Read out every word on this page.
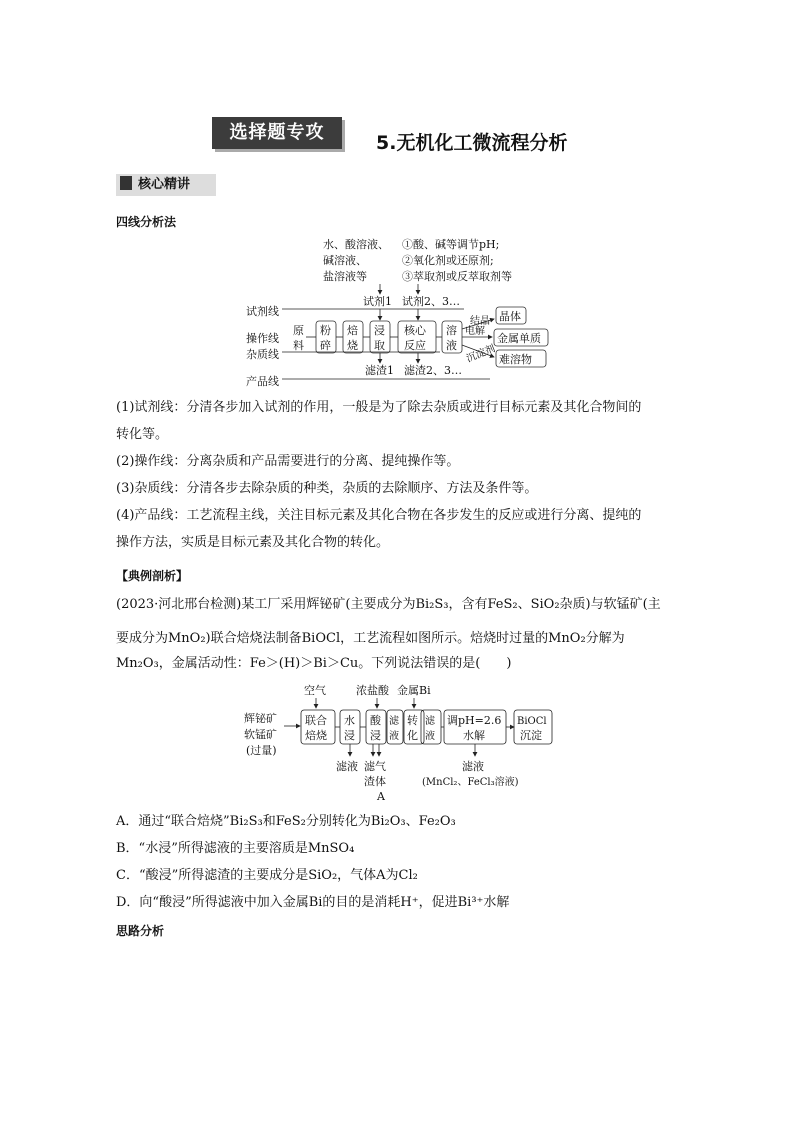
选择题专攻	5.无机化工微流程分析
核心精讲
四线分析法
水、酸溶液、
碱溶液、
盐溶液等
①酸、碱等调节pH;
②氧化剂或还原剂;
③萃取剂或反萃取剂等
试剂1 试剂2、3…
试剂线
操作线
杂质线
产品线
原
料
粉
碎
焙
烧
浸
取
核心
反应
溶
液
滤渣1 滤渣2、3…
结晶
电解
沉淀剂
晶体
金属单质
难溶物
(1)试剂线：分清各步加入试剂的作用，一般是为了除去杂质或进行目标元素及其化合物间的
转化等。
(2)操作线：分离杂质和产品需要进行的分离、提纯操作等。
(3)杂质线：分清各步去除杂质的种类，杂质的去除顺序、方法及条件等。
(4)产品线：工艺流程主线，关注目标元素及其化合物在各步发生的反应或进行分离、提纯的
操作方法，实质是目标元素及其化合物的转化。
【典例剖析】
(2023·河北邢台检测)某工厂采用辉铋矿(主要成分为Bi₂S₃，含有FeS₂、SiO₂杂质)与软锰矿(主
要成分为MnO₂)联合焙烧法制备BiOCl，工艺流程如图所示。焙烧时过量的MnO₂分解为
Mn₂O₃，金属活动性：Fe＞(H)＞Bi＞Cu。下列说法错误的是(　　)
空气	浓盐酸 金属Bi
辉铋矿
软锰矿
(过量)
联合
焙烧
水
浸
酸
浸
滤
液
转
化
滤
液
调pH=2.6
水解
BiOCl
沉淀
滤液 滤气
渣体
A
滤液
(MnCl₂、FeCl₃溶液)
A．通过“联合焙烧”Bi₂S₃和FeS₂分别转化为Bi₂O₃、Fe₂O₃
B．“水浸”所得滤液的主要溶质是MnSO₄
C．“酸浸”所得滤渣的主要成分是SiO₂，气体A为Cl₂
D．向“酸浸”所得滤液中加入金属Bi的目的是消耗H⁺，促进Bi³⁺水解
思路分析
